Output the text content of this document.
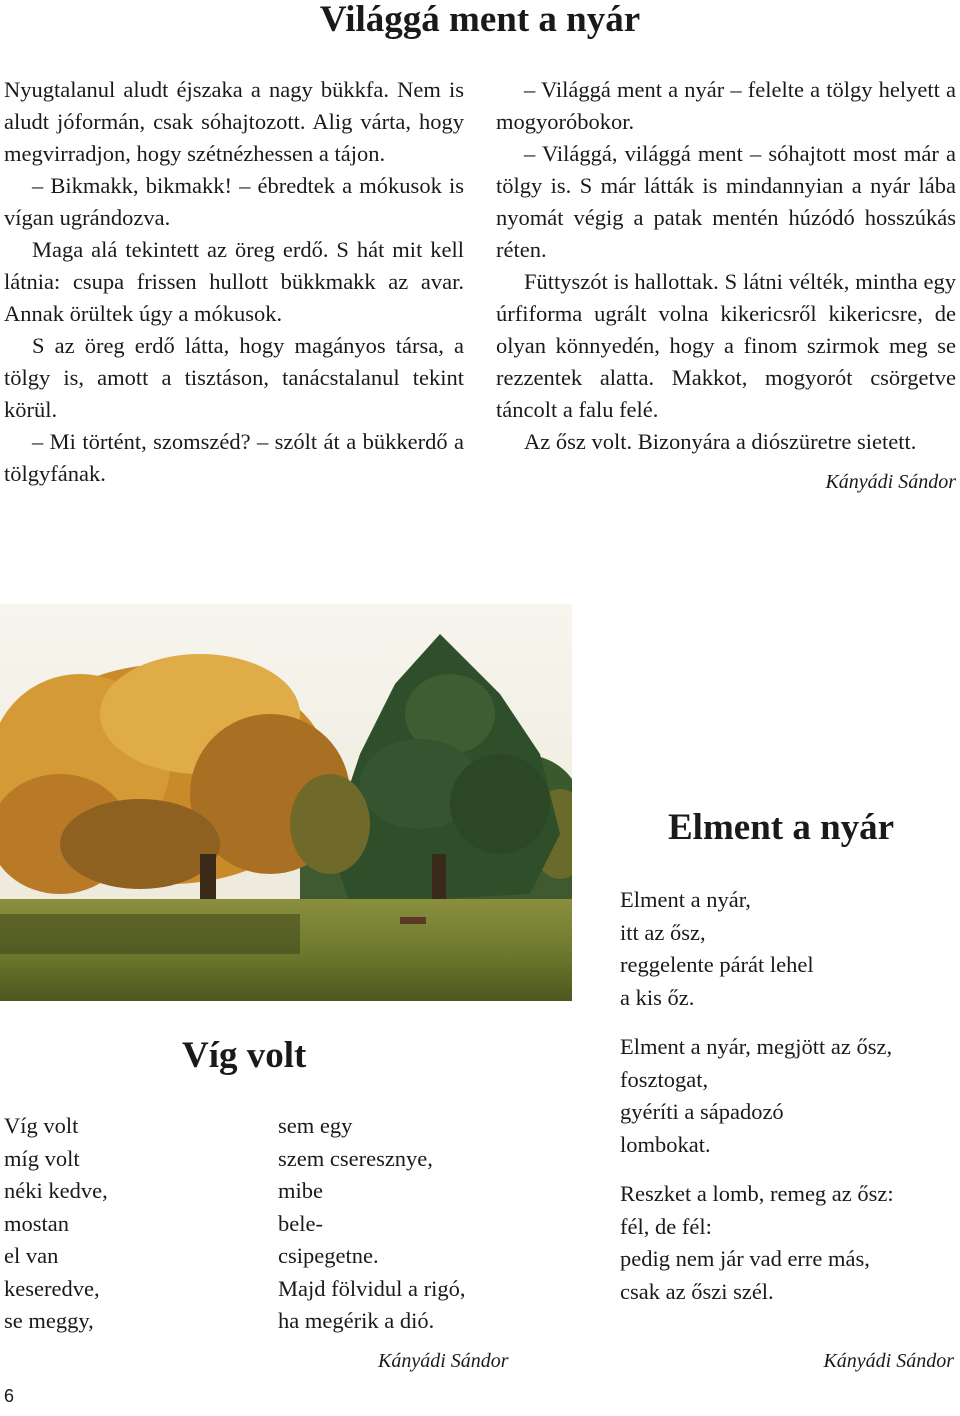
Világgá ment a nyár

Nyugtalanul aludt éjszaka a nagy bükkfa. Nem is aludt jóformán, csak sóhajtozott. Alig várta, hogy megvirradjon, hogy szétnézhessen a tájon.

– Bikmakk, bikmakk! – ébredtek a mókusok is vígan ugrándozva.

Maga alá tekintett az öreg erdő. S hát mit kell látnia: csupa frissen hullott bükkmakk az avar. Annak örültek úgy a mókusok.

S az öreg erdő látta, hogy magányos társa, a tölgy is, amott a tisztáson, tanácstalanul tekint körül.

– Mi történt, szomszéd? – szólt át a bükkerdő a tölgyfának.

– Világgá ment a nyár – felelte a tölgy helyett a mogyoróbokor.

– Világgá, világgá ment – sóhajtott most már a tölgy is. S már látták is mindannyian a nyár lába nyomát végig a patak mentén húzódó hosszúkás réten.

Füttyszót is hallottak. S látni vélték, mintha egy úrfiforma ugrált volna kikericsről kikericsre, de olyan könnyedén, hogy a finom szirmok meg se rezzentek alatta. Makkot, mogyorót csörgetve táncolt a falu felé.

Az ősz volt. Bizonyára a diószüretre sietett.

Kányádi Sándor
Elment a nyár
Elment a nyár,
itt az ősz,
reggelente párát lehel
a kis őz.
Elment a nyár, megjött az ősz,
fosztogat,
gyéríti a sápadozó
lombokat.
Reszket a lomb, remeg az ősz:
fél, de fél:
pedig nem jár vad erre más,
csak az őszi szél.
Víg volt
Víg volt
míg volt
néki kedve,
mostan
el van
keseredve,
se meggy,
sem egy
szem cseresznye,
mibe
bele-
csipegetne.
Majd fölvidul a rigó,
ha megérik a dió.
Kányádi Sándor	Kányádi Sándor
6
